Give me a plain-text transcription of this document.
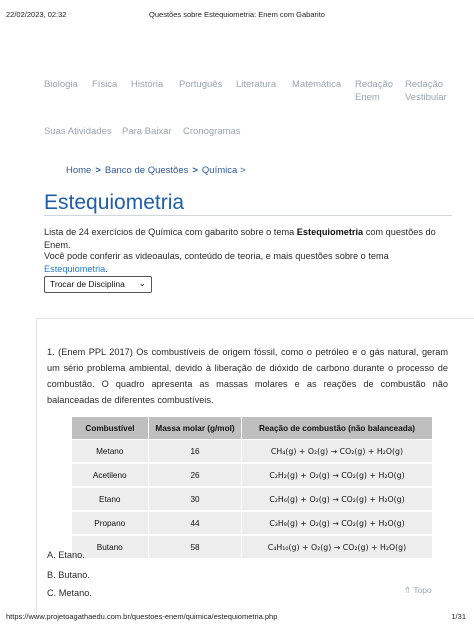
22/02/2023, 02:32	Questões sobre Estequiometria: Enem com Gabarito
Biologia Física História Português Literatura Matemática Redação Enem
Redação Vestibular
Suas Atividades Para Baixar Cronogramas
Home > Banco de Questões > Química >
Estequiometria
Lista de 24 exercícios de Química com gabarito sobre o tema Estequiometria com questões do Enem.
Você pode conferir as videoaulas, conteúdo de teoria, e mais questões sobre o tema Estequiometria.
Trocar de Disciplina ⌄
1. (Enem PPL 2017) Os combustíveis de origem fóssil, como o petróleo e o gás natural, geram um sério problema ambiental, devido à liberação de dióxido de carbono durante o processo de combustão. O quadro apresenta as massas molares e as reações de combustão não balanceadas de diferentes combustíveis.
Combustível	Massa molar (g/mol)	Reação de combustão (não balanceada)
Metano	16	CH₄(g) + O₂(g) → CO₂(g) + H₂O(g)
Acetileno	26	C₂H₂(g) + O₂(g) → CO₂(g) + H₂O(g)
Etano	30	C₂H₆(g) + O₂(g) → CO₂(g) + H₂O(g)
Propano	44	C₃H₈(g) + O₂(g) → CO₂(g) + H₂O(g)
Butano	58	C₄H₁₀(g) + O₂(g) → CO₂(g) + H₂O(g)
A. Etano.
B. Butano.
C. Metano.	⇑ Topo
https://www.projetoagathaedu.com.br/questoes-enem/quimica/estequiometria.php	1/31
